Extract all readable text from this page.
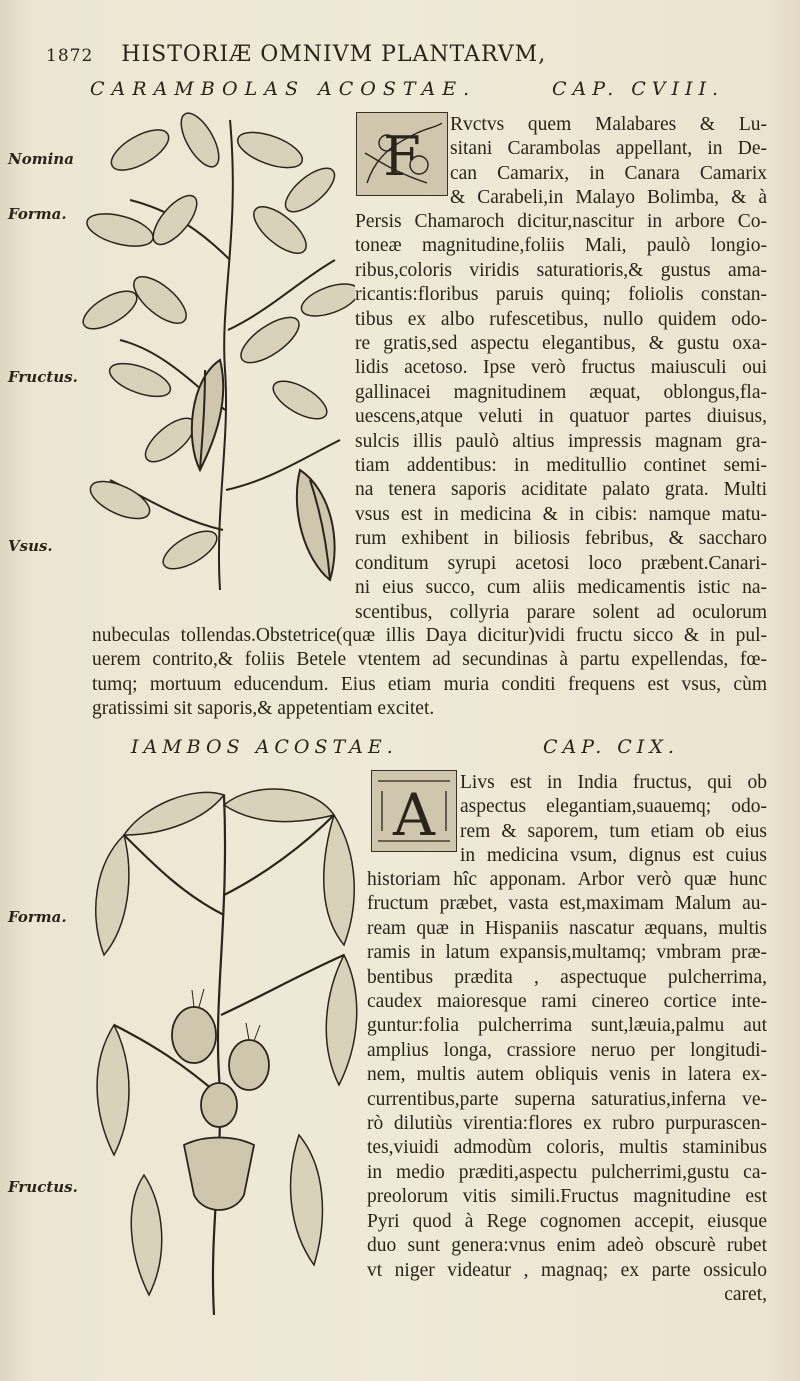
1872 HISTORIÆ OMNIVM PLANTARVM,
CARAMBOLAS ACOSTAE.	CAP. CVIII.
Nomina
Forma.
Fructus.
Vsus.
F
Rvctvs quem Malabares & Lu-
sitani Carambolas appellant, in De-
can Camarix, in Canara Camarix
& Carabeli,in Malayo Bolimba, & à
Persis Chamaroch dicitur,nascitur in arbore Co-
toneæ magnitudine,foliis Mali, paulò longio-
ribus,coloris viridis saturatioris,& gustus ama-
ricantis:floribus paruis quinq; foliolis constan-
tibus ex albo rufescetibus, nullo quidem odo-
re gratis,sed aspectu elegantibus, & gustu oxa-
lidis acetoso. Ipse verò fructus maiusculi oui
gallinacei magnitudinem æquat, oblongus,fla-
uescens,atque veluti in quatuor partes diuisus,
sulcis illis paulò altius impressis magnam gra-
tiam addentibus: in meditullio continet semi-
na tenera saporis aciditate palato grata. Multi
vsus est in medicina & in cibis: namque matu-
rum exhibent in biliosis febribus, & saccharo
conditum syrupi acetosi loco præbent.Canari-
ni eius succo, cum aliis medicamentis istic na-
scentibus, collyria parare solent ad oculorum
nubeculas tollendas.Obstetrice(quæ illis Daya dicitur)vidi fructu sicco & in pul-
uerem contrito,& foliis Betele vtentem ad secundinas à partu expellendas, fœ-
tumq; mortuum educendum. Eius etiam muria conditi frequens est vsus, cùm
gratissimi sit saporis,& appetentiam excitet.
IAMBOS ACOSTAE.	CAP. CIX.
Forma.
Fructus.
A Livs est in India fructus, qui ob
aspectus elegantiam,suauemq; odo-
rem & saporem, tum etiam ob eius
in medicina vsum, dignus est cuius
historiam hîc apponam. Arbor verò quæ hunc
fructum præbet, vasta est,maximam Malum au-
ream quæ in Hispaniis nascatur æquans, multis
ramis in latum expansis,multamq; vmbram præ-
bentibus prædita , aspectuque pulcherrima,
caudex maioresque rami cinereo cortice inte-
guntur:folia pulcherrima sunt,læuia,palmu aut
amplius longa, crassiore neruo per longitudi-
nem, multis autem obliquis venis in latera ex-
currentibus,parte superna saturatius,inferna ve-
rò dilutiùs virentia:flores ex rubro purpurascen-
tes,viuidi admodùm coloris, multis staminibus
in medio præditi,aspectu pulcherrimi,gustu ca-
preolorum vitis simili.Fructus magnitudine est
Pyri quod à Rege cognomen accepit, eiusque
duo sunt genera:vnus enim adeò obscurè rubet
vt niger videatur , magnaq; ex parte ossiculo
caret,
